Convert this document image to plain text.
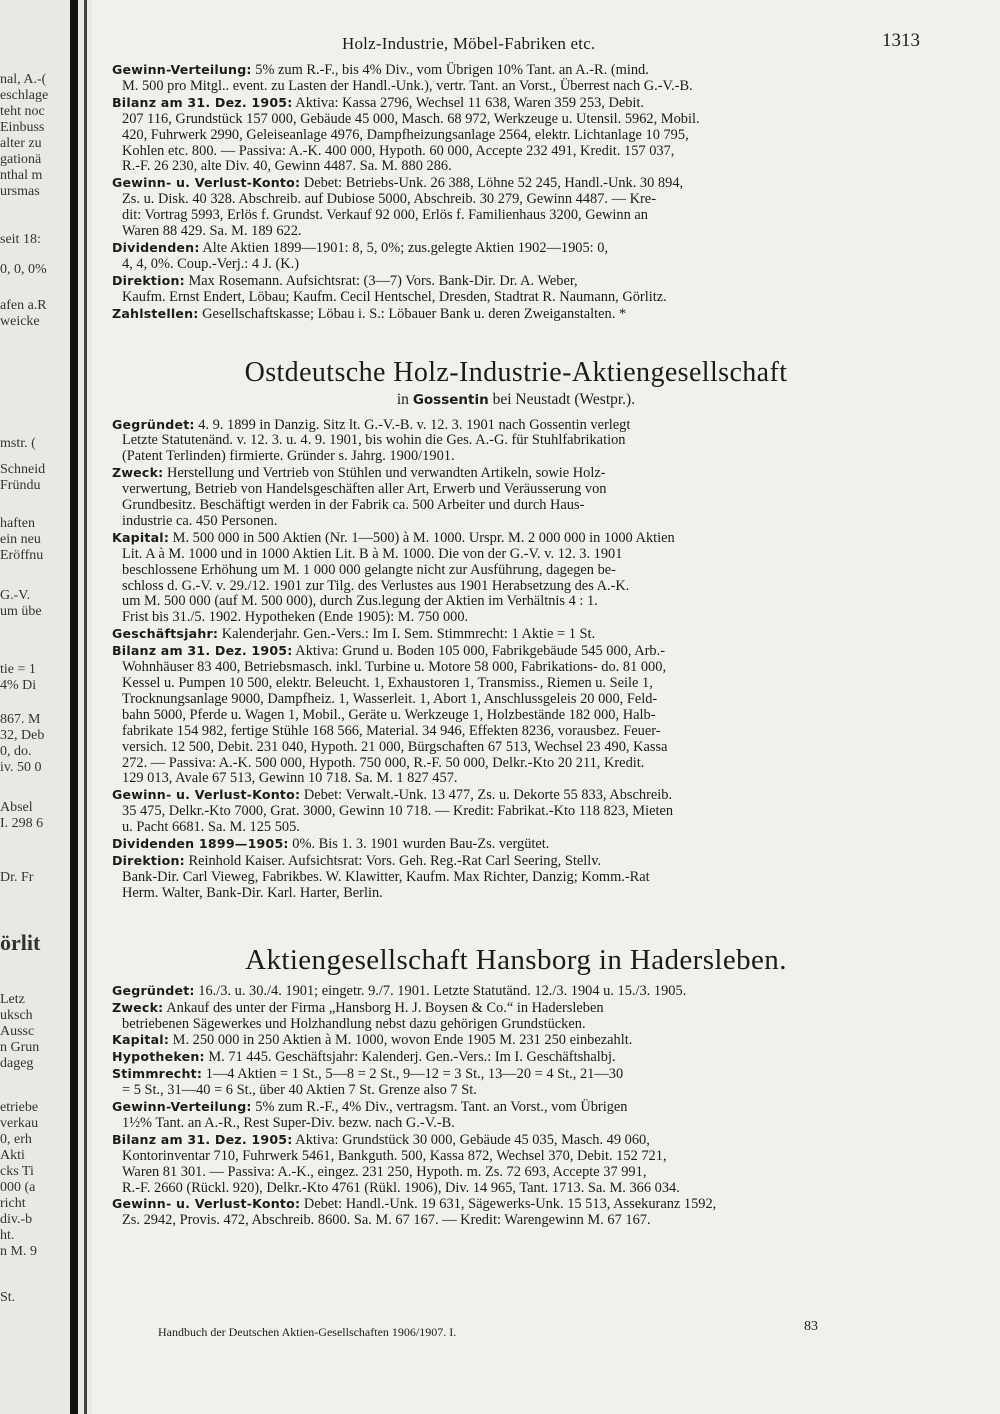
nal, A.-(
eschlage
teht noc
Einbuss
alter zu
gationä
nthal m
ursmas
seit 18:
0, 0, 0%
afen a.R
weicke
mstr. (
Schneid
Fründu
haften
ein neu
Eröffnu
G.-V.
um übe
tie = 1
4% Di
867. M
32, Deb
0, do.
iv. 50 0
Absel
I. 298 6
Dr. Fr
örlit
Letz
uksch
Aussc
n Grun
dageg
etriebe
verkau
0, erh
Akti
cks Ti
000 (a
richt
div.-b
ht.
n M. 9
St.
Holz-Industrie, Möbel-Fabriken etc.	1313

Gewinn-Verteilung: 5% zum R.-F., bis 4% Div., vom Übrigen 10% Tant. an A.-R. (mind.

M. 500 pro Mitgl.. event. zu Lasten der Handl.-Unk.), vertr. Tant. an Vorst., Überrest nach G.-V.-B.

Bilanz am 31. Dez. 1905: Aktiva: Kassa 2796, Wechsel 11 638, Waren 359 253, Debit.

207 116, Grundstück 157 000, Gebäude 45 000, Masch. 68 972, Werkzeuge u. Utensil. 5962, Mobil.

420, Fuhrwerk 2990, Geleiseanlage 4976, Dampfheizungsanlage 2564, elektr. Lichtanlage 10 795,

Kohlen etc. 800. — Passiva: A.-K. 400 000, Hypoth. 60 000, Accepte 232 491, Kredit. 157 037,

R.-F. 26 230, alte Div. 40, Gewinn 4487. Sa. M. 880 286.

Gewinn- u. Verlust-Konto: Debet: Betriebs-Unk. 26 388, Löhne 52 245, Handl.-Unk. 30 894,

Zs. u. Disk. 40 328. Abschreib. auf Dubiose 5000, Abschreib. 30 279, Gewinn 4487. — Kre-

dit: Vortrag 5993, Erlös f. Grundst. Verkauf 92 000, Erlös f. Familienhaus 3200, Gewinn an

Waren 88 429. Sa. M. 189 622.

Dividenden: Alte Aktien 1899—1901: 8, 5, 0%; zus.gelegte Aktien 1902—1905: 0,

4, 4, 0%. Coup.-Verj.: 4 J. (K.)

Direktion: Max Rosemann. Aufsichtsrat: (3—7) Vors. Bank-Dir. Dr. A. Weber,

Kaufm. Ernst Endert, Löbau; Kaufm. Cecil Hentschel, Dresden, Stadtrat R. Naumann, Görlitz.

Zahlstellen: Gesellschaftskasse; Löbau i. S.: Löbauer Bank u. deren Zweiganstalten. *

Ostdeutsche Holz-Industrie-Aktiengesellschaft
in Gossentin bei Neustadt (Westpr.).

Gegründet: 4. 9. 1899 in Danzig. Sitz lt. G.-V.-B. v. 12. 3. 1901 nach Gossentin verlegt

Letzte Statutenänd. v. 12. 3. u. 4. 9. 1901, bis wohin die Ges. A.-G. für Stuhlfabrikation

(Patent Terlinden) firmierte. Gründer s. Jahrg. 1900/1901.

Zweck: Herstellung und Vertrieb von Stühlen und verwandten Artikeln, sowie Holz-

verwertung, Betrieb von Handelsgeschäften aller Art, Erwerb und Veräusserung von

Grundbesitz. Beschäftigt werden in der Fabrik ca. 500 Arbeiter und durch Haus-

industrie ca. 450 Personen.

Kapital: M. 500 000 in 500 Aktien (Nr. 1—500) à M. 1000. Urspr. M. 2 000 000 in 1000 Aktien

Lit. A à M. 1000 und in 1000 Aktien Lit. B à M. 1000. Die von der G.-V. v. 12. 3. 1901

beschlossene Erhöhung um M. 1 000 000 gelangte nicht zur Ausführung, dagegen be-

schloss d. G.-V. v. 29./12. 1901 zur Tilg. des Verlustes aus 1901 Herabsetzung des A.-K.

um M. 500 000 (auf M. 500 000), durch Zus.legung der Aktien im Verhältnis 4 : 1.

Frist bis 31./5. 1902. Hypotheken (Ende 1905): M. 750 000.

Geschäftsjahr: Kalenderjahr. Gen.-Vers.: Im I. Sem. Stimmrecht: 1 Aktie = 1 St.

Bilanz am 31. Dez. 1905: Aktiva: Grund u. Boden 105 000, Fabrikgebäude 545 000, Arb.-

Wohnhäuser 83 400, Betriebsmasch. inkl. Turbine u. Motore 58 000, Fabrikations- do. 81 000,

Kessel u. Pumpen 10 500, elektr. Beleucht. 1, Exhaustoren 1, Transmiss., Riemen u. Seile 1,

Trocknungsanlage 9000, Dampfheiz. 1, Wasserleit. 1, Abort 1, Anschlussgeleis 20 000, Feld-

bahn 5000, Pferde u. Wagen 1, Mobil., Geräte u. Werkzeuge 1, Holzbestände 182 000, Halb-

fabrikate 154 982, fertige Stühle 168 566, Material. 34 946, Effekten 8236, vorausbez. Feuer-

versich. 12 500, Debit. 231 040, Hypoth. 21 000, Bürgschaften 67 513, Wechsel 23 490, Kassa

272. — Passiva: A.-K. 500 000, Hypoth. 750 000, R.-F. 50 000, Delkr.-Kto 20 211, Kredit.

129 013, Avale 67 513, Gewinn 10 718. Sa. M. 1 827 457.

Gewinn- u. Verlust-Konto: Debet: Verwalt.-Unk. 13 477, Zs. u. Dekorte 55 833, Abschreib.

35 475, Delkr.-Kto 7000, Grat. 3000, Gewinn 10 718. — Kredit: Fabrikat.-Kto 118 823, Mieten

u. Pacht 6681. Sa. M. 125 505.

Dividenden 1899—1905: 0%. Bis 1. 3. 1901 wurden Bau-Zs. vergütet.

Direktion: Reinhold Kaiser. Aufsichtsrat: Vors. Geh. Reg.-Rat Carl Seering, Stellv.

Bank-Dir. Carl Vieweg, Fabrikbes. W. Klawitter, Kaufm. Max Richter, Danzig; Komm.-Rat

Herm. Walter, Bank-Dir. Karl. Harter, Berlin.

Aktiengesellschaft Hansborg in Hadersleben.

Gegründet: 16./3. u. 30./4. 1901; eingetr. 9./7. 1901. Letzte Statutänd. 12./3. 1904 u. 15./3. 1905.

Zweck: Ankauf des unter der Firma „Hansborg H. J. Boysen & Co.“ in Hadersleben

betriebenen Sägewerkes und Holzhandlung nebst dazu gehörigen Grundstücken.

Kapital: M. 250 000 in 250 Aktien à M. 1000, wovon Ende 1905 M. 231 250 einbezahlt.

Hypotheken: M. 71 445. Geschäftsjahr: Kalenderj. Gen.-Vers.: Im I. Geschäftshalbj.

Stimmrecht: 1—4 Aktien = 1 St., 5—8 = 2 St., 9—12 = 3 St., 13—20 = 4 St., 21—30

= 5 St., 31—40 = 6 St., über 40 Aktien 7 St. Grenze also 7 St.

Gewinn-Verteilung: 5% zum R.-F., 4% Div., vertragsm. Tant. an Vorst., vom Übrigen

1½% Tant. an A.-R., Rest Super-Div. bezw. nach G.-V.-B.

Bilanz am 31. Dez. 1905: Aktiva: Grundstück 30 000, Gebäude 45 035, Masch. 49 060,

Kontorinventar 710, Fuhrwerk 5461, Bankguth. 500, Kassa 872, Wechsel 370, Debit. 152 721,

Waren 81 301. — Passiva: A.-K., eingez. 231 250, Hypoth. m. Zs. 72 693, Accepte 37 991,

R.-F. 2660 (Rückl. 920), Delkr.-Kto 4761 (Rükl. 1906), Div. 14 965, Tant. 1713. Sa. M. 366 034.

Gewinn- u. Verlust-Konto: Debet: Handl.-Unk. 19 631, Sägewerks-Unk. 15 513, Assekuranz 1592,

Zs. 2942, Provis. 472, Abschreib. 8600. Sa. M. 67 167. — Kredit: Warengewinn M. 67 167.

Handbuch der Deutschen Aktien-Gesellschaften 1906/1907. I.	83
